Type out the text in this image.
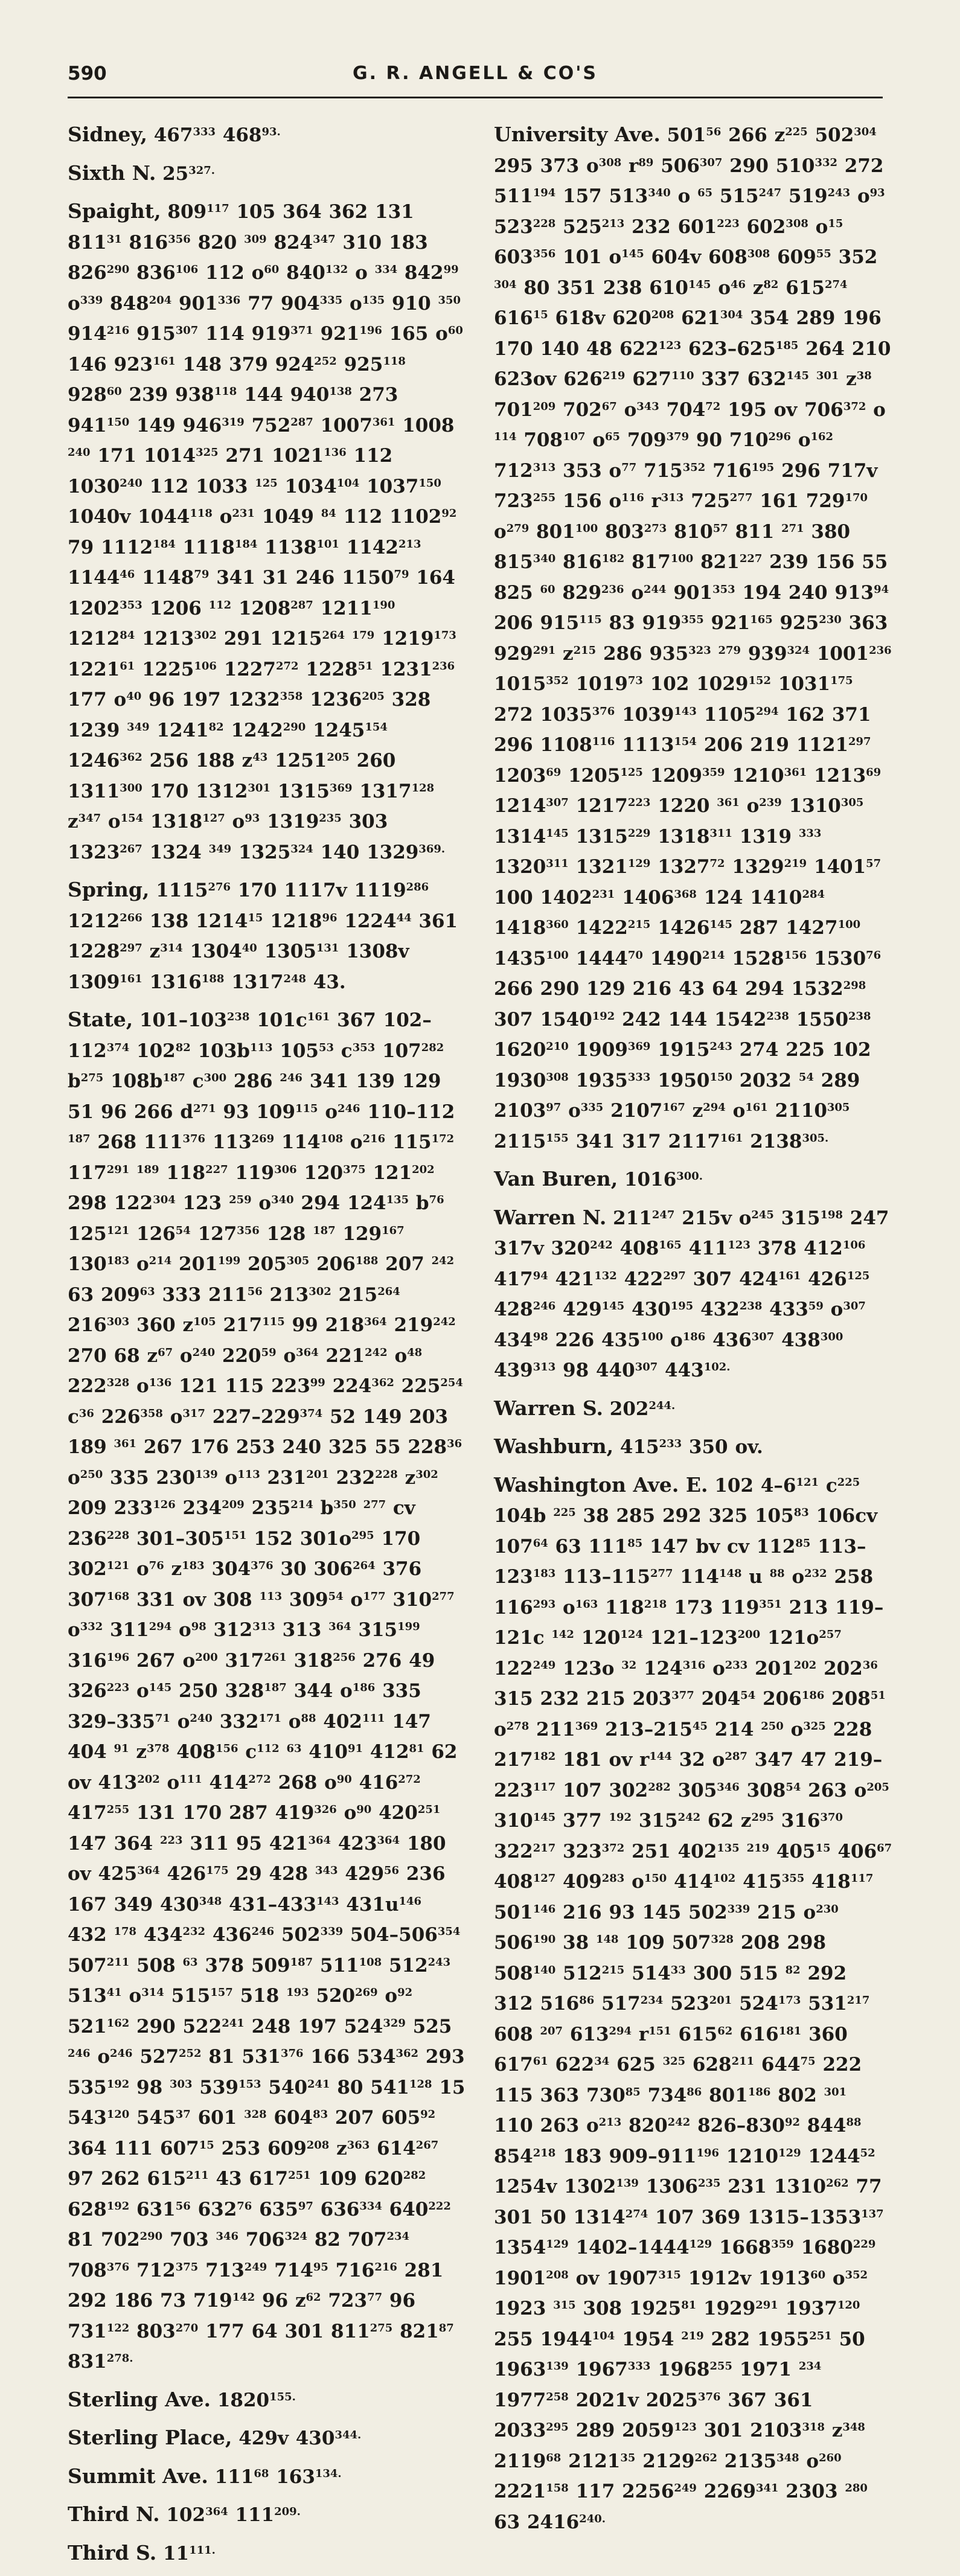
590	G. R. ANGELL & CO'S
Sidney, $467^{333}$ $468^{93.}$
Sixth N. $25^{327.}$
Spaight, $809^{117}$ 105 364 362 131 $811^{31}$ $816^{356}$ 820 $^{309}$ $824^{347}$ 310 183 $826^{290}$ $836^{106}$ 112 $o^{60}$ $840^{132}$ o $^{334}$ $842^{99}$ $o^{339}$ $848^{204}$ $901^{336}$ 77 $904^{335}$ $o^{135}$ 910 $^{350}$ $914^{216}$ $915^{307}$ 114 $919^{371}$ $921^{196}$ 165 $o^{60}$ 146 $923^{161}$ 148 379 $924^{252}$ $925^{118}$ $928^{60}$ 239 $938^{118}$ 144 $940^{138}$ 273 $941^{150}$ 149 $946^{319}$ $752^{287}$ 1007$^{361}$ 1008 $^{240}$ 171 1014$^{325}$ 271 1021$^{136}$ 112 1030$^{240}$ 112 1033 $^{125}$ 1034$^{104}$ 1037$^{150}$ 1040v 1044$^{118}$ $o^{231}$ 1049 $^{84}$ 112 1102$^{92}$ 79 1112$^{184}$ 1118$^{184}$ 1138$^{101}$ 1142$^{213}$ 1144$^{46}$ 1148$^{79}$ 341 31 246 1150$^{79}$ 164 1202$^{353}$ 1206 $^{112}$ 1208$^{287}$ 1211$^{190}$ 1212$^{84}$ 1213$^{302}$ 291 1215$^{264}$ $^{179}$ 1219$^{173}$ 1221$^{61}$ 1225$^{106}$ 1227$^{272}$ 1228$^{51}$ 1231$^{236}$ 177 $o^{40}$ 96 197 1232$^{358}$ 1236$^{205}$ 328 1239 $^{349}$ 1241$^{82}$ 1242$^{290}$ 1245$^{154}$ 1246$^{362}$ 256 188 $z^{43}$ 1251$^{205}$ 260 1311$^{300}$ 170 1312$^{301}$ 1315$^{369}$ 1317$^{128}$ $z^{347}$ $o^{154}$ 1318$^{127}$ $o^{93}$ 1319$^{235}$ 303 1323$^{267}$ 1324 $^{349}$ 1325$^{324}$ 140 $1329^{369.}$
Spring, 1115$^{276}$ 170 1117v 1119$^{286}$ 1212$^{266}$ 138 1214$^{15}$ 1218$^{96}$ 1224$^{44}$ 361 1228$^{297}$ $z^{314}$ 1304$^{40}$ 1305$^{131}$ 1308v 1309$^{161}$ 1316$^{188}$ 1317$^{248}$ 43.
State, $101-103^{238}$ $101c^{161}$ 367 $102-112^{374}$ $102^{82}$ $103b^{113}$ $105^{53}$ $c^{353}$ $107^{282}$ $b^{275}$ $108b^{187}$ $c^{300}$ 286 $^{246}$ 341 139 129 51 96 266 $d^{271}$ 93 $109^{115}$ $o^{246}$ 110–112 $^{187}$ 268 $111^{376}$ $113^{269}$ $114^{108}$ $o^{216}$ $115^{172}$ $117^{291}$ $^{189}$ $118^{227}$ $119^{306}$ $120^{375}$ $121^{202}$ 298 $122^{304}$ 123 $^{259}$ $o^{340}$ 294 $124^{135}$ $b^{76}$ $125^{121}$ $126^{54}$ $127^{356}$ 128 $^{187}$ $129^{167}$ $130^{183}$ $o^{214}$ $201^{199}$ $205^{305}$ $206^{188}$ 207 $^{242}$ 63 $209^{63}$ 333 $211^{56}$ $213^{302}$ $215^{264}$ $216^{303}$ 360 $z^{105}$ $217^{115}$ 99 $218^{364}$ $219^{242}$ 270 68 $z^{67}$ $o^{240}$ $220^{59}$ $o^{364}$ $221^{242}$ $o^{48}$ $222^{328}$ $o^{136}$ 121 115 $223^{99}$ $224^{362}$ $225^{254}$ $c^{36}$ $226^{358}$ $o^{317}$ $227-229^{374}$ 52 149 203 189 $^{361}$ 267 176 253 240 325 55 $228^{36}$ $o^{250}$ 335 $230^{139}$ $o^{113}$ $231^{201}$ $232^{228}$ $z^{302}$ 209 $233^{126}$ $234^{209}$ $235^{214}$ $b^{350}$ $^{277}$ cv $236^{228}$ $301-305^{151}$ 152 $301o^{295}$ 170 $302^{121}$ $o^{76}$ $z^{183}$ $304^{376}$ 30 $306^{264}$ 376 $307^{168}$ 331 ov 308 $^{113}$ $309^{54}$ $o^{177}$ $310^{277}$ $o^{332}$ $311^{294}$ $o^{98}$ $312^{313}$ 313 $^{364}$ $315^{199}$ $316^{196}$ 267 $o^{200}$ $317^{261}$ $318^{256}$ 276 49 $326^{223}$ $o^{145}$ 250 $328^{187}$ 344 $o^{186}$ 335 $329-335^{71}$ $o^{240}$ $332^{171}$ $o^{88}$ $402^{111}$ 147 404 $^{91}$ $z^{378}$ $408^{156}$ $c^{112}$ $^{63}$ $410^{91}$ $412^{81}$ 62 ov $413^{202}$ $o^{111}$ $414^{272}$ 268 $o^{90}$ $416^{272}$ $417^{255}$ 131 170 287 $419^{326}$ $o^{90}$ $420^{251}$ 147 364 $^{223}$ 311 95 $421^{364}$ $423^{364}$ 180 ov $425^{364}$ $426^{175}$ 29 428 $^{343}$ $429^{56}$ 236 167 349 $430^{348}$ $431-433^{143}$ $431u^{146}$ 432 $^{178}$ $434^{232}$ $436^{246}$ $502^{339}$ $504-506^{354}$ $507^{211}$ 508 $^{63}$ 378 $509^{187}$ $511^{108}$ $512^{243}$ $513^{41}$ $o^{314}$ $515^{157}$ 518 $^{193}$ $520^{269}$ $o^{92}$ $521^{162}$ 290 $522^{241}$ 248 197 $524^{329}$ 525 $^{246}$ $o^{246}$ $527^{252}$ 81 $531^{376}$ 166 $534^{362}$ 293 $535^{192}$ 98 $^{303}$ $539^{153}$ $540^{241}$ 80 $541^{128}$ 15 $543^{120}$ $545^{37}$ 601 $^{328}$ $604^{83}$ 207 $605^{92}$ 364 111 $607^{15}$ 253 $609^{208}$ $z^{363}$ $614^{267}$ 97 262 $615^{211}$ 43 $617^{251}$ 109 $620^{282}$ $628^{192}$ $631^{56}$ $632^{76}$ $635^{97}$ $636^{334}$ $640^{222}$ 81 $702^{290}$ 703 $^{346}$ $706^{324}$ 82 $707^{234}$ $708^{376}$ $712^{375}$ $713^{249}$ $714^{95}$ $716^{216}$ 281 292 186 73 $719^{142}$ 96 $z^{62}$ $723^{77}$ 96 $731^{122}$ $803^{270}$ 177 64 301 $811^{275}$ $821^{87}$ $831^{278.}$
Sterling Ave. $1820^{155.}$
Sterling Place, 429v $430^{344.}$
Summit Ave. $111^{68}$ $163^{134.}$
Third N. $102^{364}$ $111^{209.}$
Third S. $11^{111.}$
University Ave. $501^{56}$ 266 $z^{225}$ $502^{304}$ 295 373 $o^{308}$ $r^{89}$ $506^{307}$ 290 $510^{332}$ 272 $511^{194}$ 157 $513^{340}$ o $^{65}$ $515^{247}$ $519^{243}$ $o^{93}$ $523^{228}$ $525^{213}$ 232 $601^{223}$ $602^{308}$ $o^{15}$ $603^{356}$ 101 $o^{145}$ 604v $608^{308}$ $609^{55}$ 352 $^{304}$ 80 351 238 $610^{145}$ $o^{46}$ $z^{82}$ $615^{274}$ $616^{15}$ 618v $620^{208}$ $621^{304}$ 354 289 196 170 140 48 $622^{123}$ $623-625^{185}$ 264 210 623ov $626^{219}$ $627^{110}$ 337 $632^{145}$ $^{301}$ $z^{38}$ $701^{209}$ $702^{67}$ $o^{343}$ $704^{72}$ 195 ov $706^{372}$ o $^{114}$ $708^{107}$ $o^{65}$ $709^{379}$ 90 $710^{296}$ $o^{162}$ $712^{313}$ 353 $o^{77}$ $715^{352}$ $716^{195}$ 296 717v $723^{255}$ 156 $o^{116}$ $r^{313}$ $725^{277}$ 161 $729^{170}$ $o^{279}$ $801^{100}$ $803^{273}$ $810^{57}$ 811 $^{271}$ 380 $815^{340}$ $816^{182}$ $817^{100}$ $821^{227}$ 239 156 55 825 $^{60}$ $829^{236}$ $o^{244}$ $901^{353}$ 194 240 $913^{94}$ 206 $915^{115}$ 83 $919^{355}$ $921^{165}$ $925^{230}$ 363 $929^{291}$ $z^{215}$ 286 $935^{323}$ $^{279}$ $939^{324}$ 1001$^{236}$ 1015$^{352}$ 1019$^{73}$ 102 1029$^{152}$ 1031$^{175}$ 272 1035$^{376}$ 1039$^{143}$ 1105$^{294}$ 162 371 296 1108$^{116}$ 1113$^{154}$ 206 219 1121$^{297}$ 1203$^{69}$ 1205$^{125}$ 1209$^{359}$ 1210$^{361}$ 1213$^{69}$ 1214$^{307}$ 1217$^{223}$ 1220 $^{361}$ $o^{239}$ 1310$^{305}$ 1314$^{145}$ 1315$^{229}$ 1318$^{311}$ 1319 $^{333}$ 1320$^{311}$ 1321$^{129}$ 1327$^{72}$ 1329$^{219}$ 1401$^{57}$ 100 1402$^{231}$ 1406$^{368}$ 124 1410$^{284}$ 1418$^{360}$ 1422$^{215}$ 1426$^{145}$ 287 1427$^{100}$ 1435$^{100}$ 1444$^{70}$ 1490$^{214}$ 1528$^{156}$ 1530$^{76}$ 266 290 129 216 43 64 294 1532$^{298}$ 307 1540$^{192}$ 242 144 1542$^{238}$ 1550$^{238}$ 1620$^{210}$ 1909$^{369}$ 1915$^{243}$ 274 225 102 1930$^{308}$ 1935$^{333}$ 1950$^{150}$ 2032 $^{54}$ 289 2103$^{97}$ $o^{335}$ 2107$^{167}$ $z^{294}$ $o^{161}$ 2110$^{305}$ 2115$^{155}$ 341 317 2117$^{161}$ $2138^{305.}$
Van Buren, $1016^{300.}$
Warren N. $211^{247}$ 215v $o^{245}$ $315^{198}$ 247 317v $320^{242}$ $408^{165}$ $411^{123}$ 378 $412^{106}$ $417^{94}$ $421^{132}$ $422^{297}$ 307 $424^{161}$ $426^{125}$ $428^{246}$ $429^{145}$ $430^{195}$ $432^{238}$ $433^{59}$ $o^{307}$ $434^{98}$ 226 $435^{100}$ $o^{186}$ $436^{307}$ $438^{300}$ $439^{313}$ 98 $440^{307}$ $443^{102.}$
Warren S. $202^{244.}$
Washburn, $415^{233}$ 350 ov.
Washington Ave. E. 102 $4-6^{121}$ $c^{225}$ 104b $^{225}$ 38 285 292 325 $105^{83}$ 106cv $107^{64}$ 63 $111^{85}$ 147 bv cv $112^{85}$ $113-123^{183}$ $113-115^{277}$ $114^{148}$ u $^{88}$ $o^{232}$ 258 $116^{293}$ $o^{163}$ $118^{218}$ 173 $119^{351}$ 213 119–121c $^{142}$ $120^{124}$ $121-123^{200}$ $121o^{257}$ $122^{249}$ 123o $^{32}$ $124^{316}$ $o^{233}$ $201^{202}$ $202^{36}$ 315 232 215 $203^{377}$ $204^{54}$ $206^{186}$ $208^{51}$ $o^{278}$ $211^{369}$ $213-215^{45}$ 214 $^{250}$ $o^{325}$ 228 $217^{182}$ 181 ov $r^{144}$ 32 $o^{287}$ 347 47 $219-223^{117}$ 107 $302^{282}$ $305^{346}$ $308^{54}$ 263 $o^{205}$ $310^{145}$ 377 $^{192}$ $315^{242}$ 62 $z^{295}$ $316^{370}$ $322^{217}$ $323^{372}$ 251 $402^{135}$ $^{219}$ $405^{15}$ $406^{67}$ $408^{127}$ $409^{283}$ $o^{150}$ $414^{102}$ $415^{355}$ $418^{117}$ $501^{146}$ 216 93 145 $502^{339}$ 215 $o^{230}$ $506^{190}$ 38 $^{148}$ 109 $507^{328}$ 208 298 $508^{140}$ $512^{215}$ $514^{33}$ 300 515 $^{82}$ 292 312 $516^{86}$ $517^{234}$ $523^{201}$ $524^{173}$ $531^{217}$ 608 $^{207}$ $613^{294}$ $r^{151}$ $615^{62}$ $616^{181}$ 360 $617^{61}$ $622^{34}$ 625 $^{325}$ $628^{211}$ $644^{75}$ 222 115 363 $730^{85}$ $734^{86}$ $801^{186}$ 802 $^{301}$ 110 263 $o^{213}$ $820^{242}$ $826-830^{92}$ $844^{88}$ $854^{218}$ 183 $909-911^{196}$ 1210$^{129}$ 1244$^{52}$ 1254v 1302$^{139}$ 1306$^{235}$ 231 1310$^{262}$ 77 301 50 1314$^{274}$ 107 369 1315–1353$^{137}$ 1354$^{129}$ 1402–1444$^{129}$ 1668$^{359}$ 1680$^{229}$ 1901$^{208}$ ov 1907$^{315}$ 1912v 1913$^{60}$ $o^{352}$ 1923 $^{315}$ 308 1925$^{81}$ 1929$^{291}$ 1937$^{120}$ 255 1944$^{104}$ 1954 $^{219}$ 282 1955$^{251}$ 50 1963$^{139}$ 1967$^{333}$ 1968$^{255}$ 1971 $^{234}$ 1977$^{258}$ 2021v 2025$^{376}$ 367 361 2033$^{295}$ 289 2059$^{123}$ 301 2103$^{318}$ $z^{348}$ 2119$^{68}$ 2121$^{35}$ 2129$^{262}$ 2135$^{348}$ $o^{260}$ 2221$^{158}$ 117 2256$^{249}$ 2269$^{341}$ 2303 $^{280}$ 63 $2416^{240.}$
